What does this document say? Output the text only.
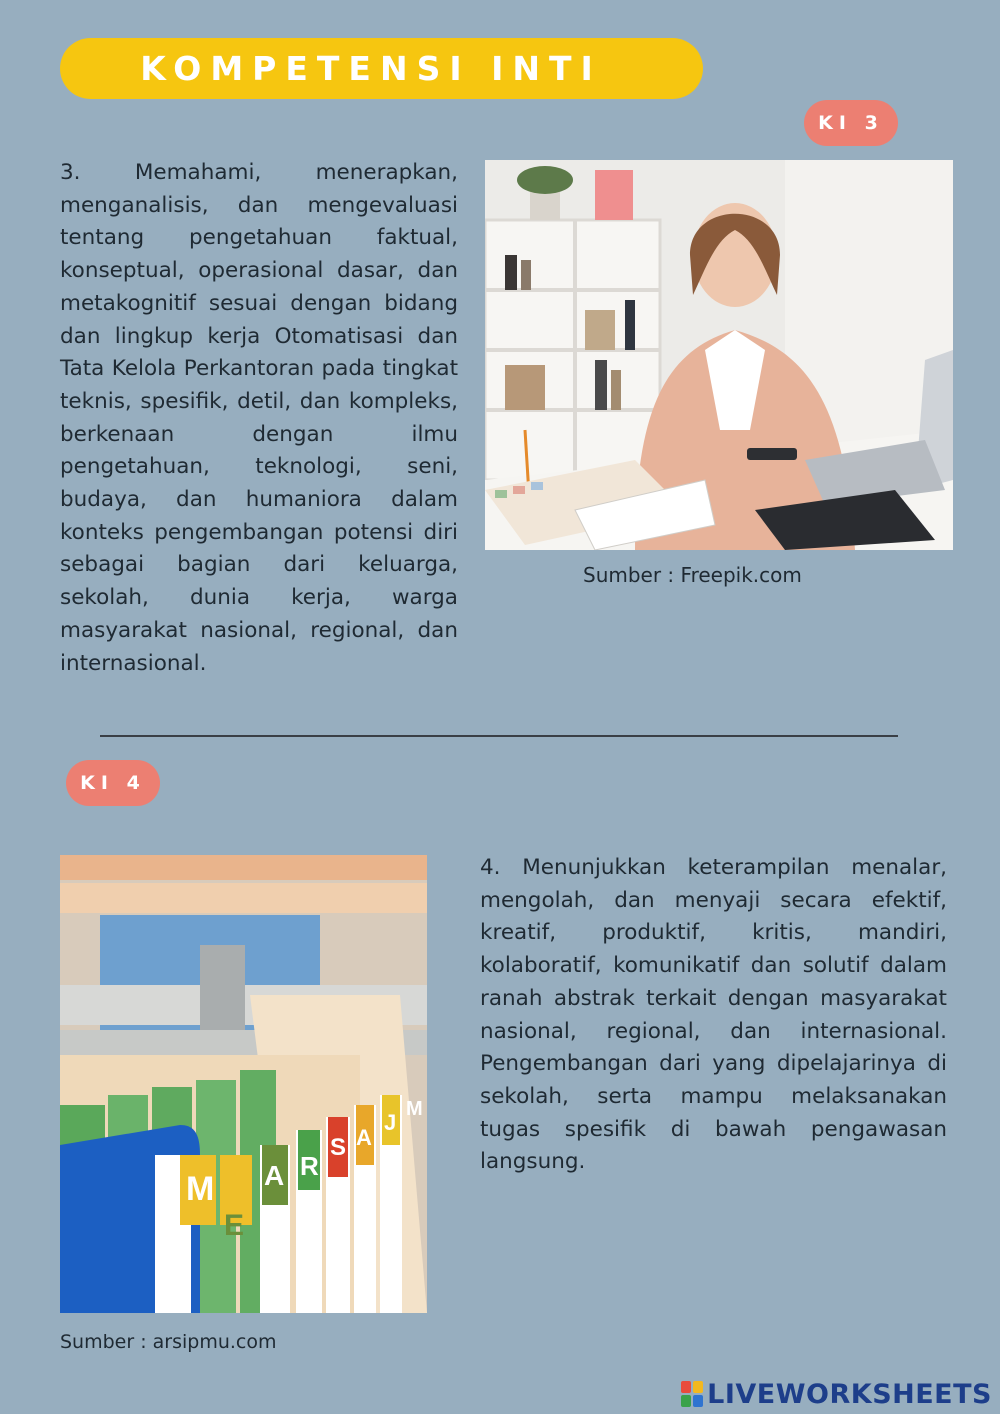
KOMPETENSI INTI
KI 3

3. Memahami, menerapkan, menganalisis, dan mengevaluasi tentang pengetahuan faktual, konseptual, operasional dasar, dan metakognitif sesuai dengan bidang dan lingkup kerja Otomatisasi dan Tata Kelola Perkantoran pada tingkat teknis, spesifik, detil, dan kompleks, berkenaan dengan ilmu pengetahuan, teknologi, seni, budaya, dan humaniora dalam konteks pengembangan potensi diri sebagai bagian dari keluarga, sekolah, dunia kerja, warga masyarakat nasional, regional, dan internasional.

Sumber : Freepik.com
KI 4
A
M
E
A R
S A
J
M

4. Menunjukkan keterampilan menalar, mengolah, dan menyaji secara efektif, kreatif, produktif, kritis, mandiri, kolaboratif, komunikatif dan solutif dalam ranah abstrak terkait dengan masyarakat nasional, regional, dan internasional. Pengembangan dari yang dipelajarinya di sekolah, serta mampu melaksanakan tugas spesifik di bawah pengawasan langsung.

Sumber : arsipmu.com
LIVEWORKSHEETS
